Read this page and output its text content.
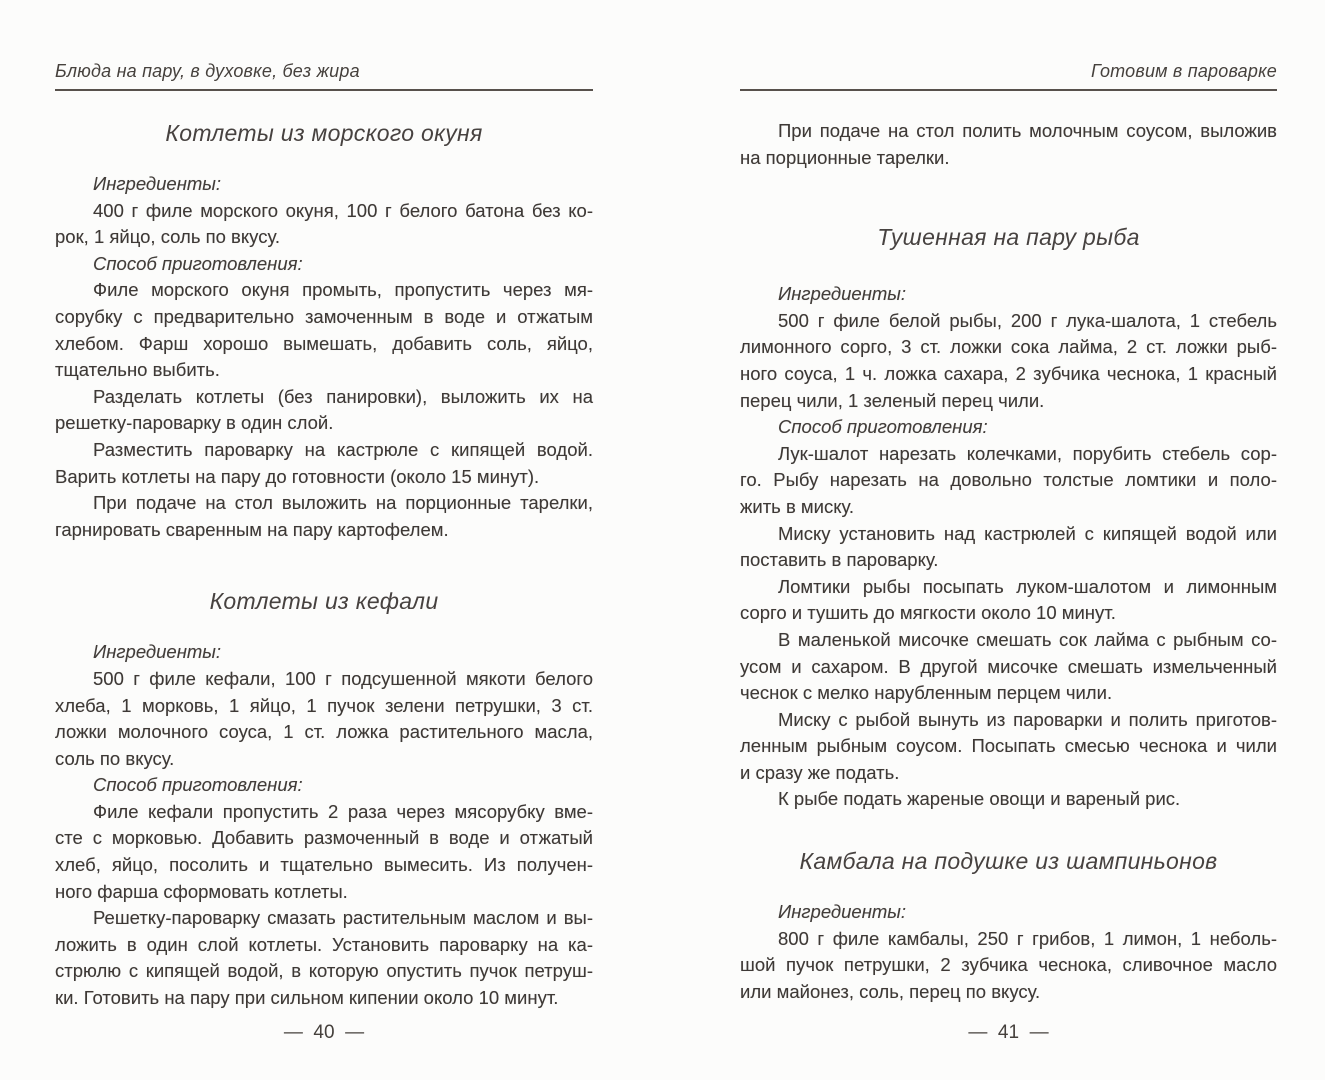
Блюда на пару, в духовке, без жира
Котлеты из морского окуня
Ингредиенты:
400 г филе морского окуня, 100 г белого батона без ко-
рок, 1 яйцо, соль по вкусу.
Способ приготовления:
Филе морского окуня промыть, пропустить через мя-
сорубку с предварительно замоченным в воде и отжатым
хлебом. Фарш хорошо вымешать, добавить соль, яйцо,
тщательно выбить.
Разделать котлеты (без панировки), выложить их на
решетку-пароварку в один слой.
Разместить пароварку на кастрюле с кипящей водой.
Варить котлеты на пару до готовности (около 15 минут).
При подаче на стол выложить на порционные тарелки,
гарнировать сваренным на пару картофелем.
Котлеты из кефали
Ингредиенты:
500 г филе кефали, 100 г подсушенной мякоти белого
хлеба, 1 морковь, 1 яйцо, 1 пучок зелени петрушки, 3 ст.
ложки молочного соуса, 1 ст. ложка растительного масла,
соль по вкусу.
Способ приготовления:
Филе кефали пропустить 2 раза через мясорубку вме-
сте с морковью. Добавить размоченный в воде и отжатый
хлеб, яйцо, посолить и тщательно вымесить. Из получен-
ного фарша сформовать котлеты.
Решетку-пароварку смазать растительным маслом и вы-
ложить в один слой котлеты. Установить пароварку на ка-
стрюлю с кипящей водой, в которую опустить пучок петруш-
ки. Готовить на пару при сильном кипении около 10 минут.
—  40  —
Готовим в пароварке
При подаче на стол полить молочным соусом, выложив
на порционные тарелки.
Тушенная на пару рыба
Ингредиенты:
500 г филе белой рыбы, 200 г лука-шалота, 1 стебель
лимонного сорго, 3 ст. ложки сока лайма, 2 ст. ложки рыб-
ного соуса, 1 ч. ложка сахара, 2 зубчика чеснока, 1 красный
перец чили, 1 зеленый перец чили.
Способ приготовления:
Лук-шалот нарезать колечками, порубить стебель сор-
го. Рыбу нарезать на довольно толстые ломтики и поло-
жить в миску.
Миску установить над кастрюлей с кипящей водой или
поставить в пароварку.
Ломтики рыбы посыпать луком-шалотом и лимонным
сорго и тушить до мягкости около 10 минут.
В маленькой мисочке смешать сок лайма с рыбным со-
усом и сахаром. В другой мисочке смешать измельченный
чеснок с мелко нарубленным перцем чили.
Миску с рыбой вынуть из пароварки и полить приготов-
ленным рыбным соусом. Посыпать смесью чеснока и чили
и сразу же подать.
К рыбе подать жареные овощи и вареный рис.
Камбала на подушке из шампиньонов
Ингредиенты:
800 г филе камбалы, 250 г грибов, 1 лимон, 1 неболь-
шой пучок петрушки, 2 зубчика чеснока, сливочное масло
или майонез, соль, перец по вкусу.
—  41  —
